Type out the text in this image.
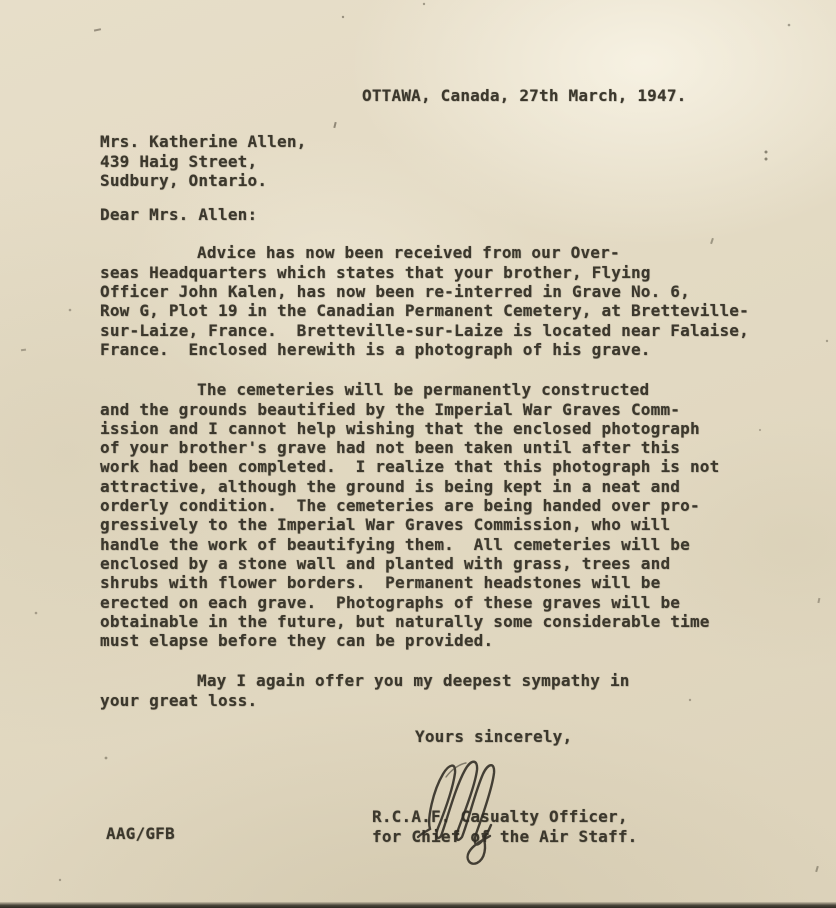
OTTAWA, Canada, 27th March, 1947.
Mrs. Katherine Allen,
439 Haig Street,
Sudbury, Ontario.
Dear Mrs. Allen:
Advice has now been received from our Over-
seas Headquarters which states that your brother, Flying
Officer John Kalen, has now been re-interred in Grave No. 6,
Row G, Plot 19 in the Canadian Permanent Cemetery, at Bretteville-
sur-Laize, France.  Bretteville-sur-Laize is located near Falaise,
France.  Enclosed herewith is a photograph of his grave.
The cemeteries will be permanently constructed
and the grounds beautified by the Imperial War Graves Comm-
ission and I cannot help wishing that the enclosed photograph
of your brother's grave had not been taken until after this
work had been completed.  I realize that this photograph is not
attractive, although the ground is being kept in a neat and
orderly condition.  The cemeteries are being handed over pro-
gressively to the Imperial War Graves Commission, who will
handle the work of beautifying them.  All cemeteries will be
enclosed by a stone wall and planted with grass, trees and
shrubs with flower borders.  Permanent headstones will be
erected on each grave.  Photographs of these graves will be
obtainable in the future, but naturally some considerable time
must elapse before they can be provided.
May I again offer you my deepest sympathy in
your great loss.
Yours sincerely,
R.C.A.F. Casualty Officer,
for Chief of the Air Staff.
AAG/GFB
